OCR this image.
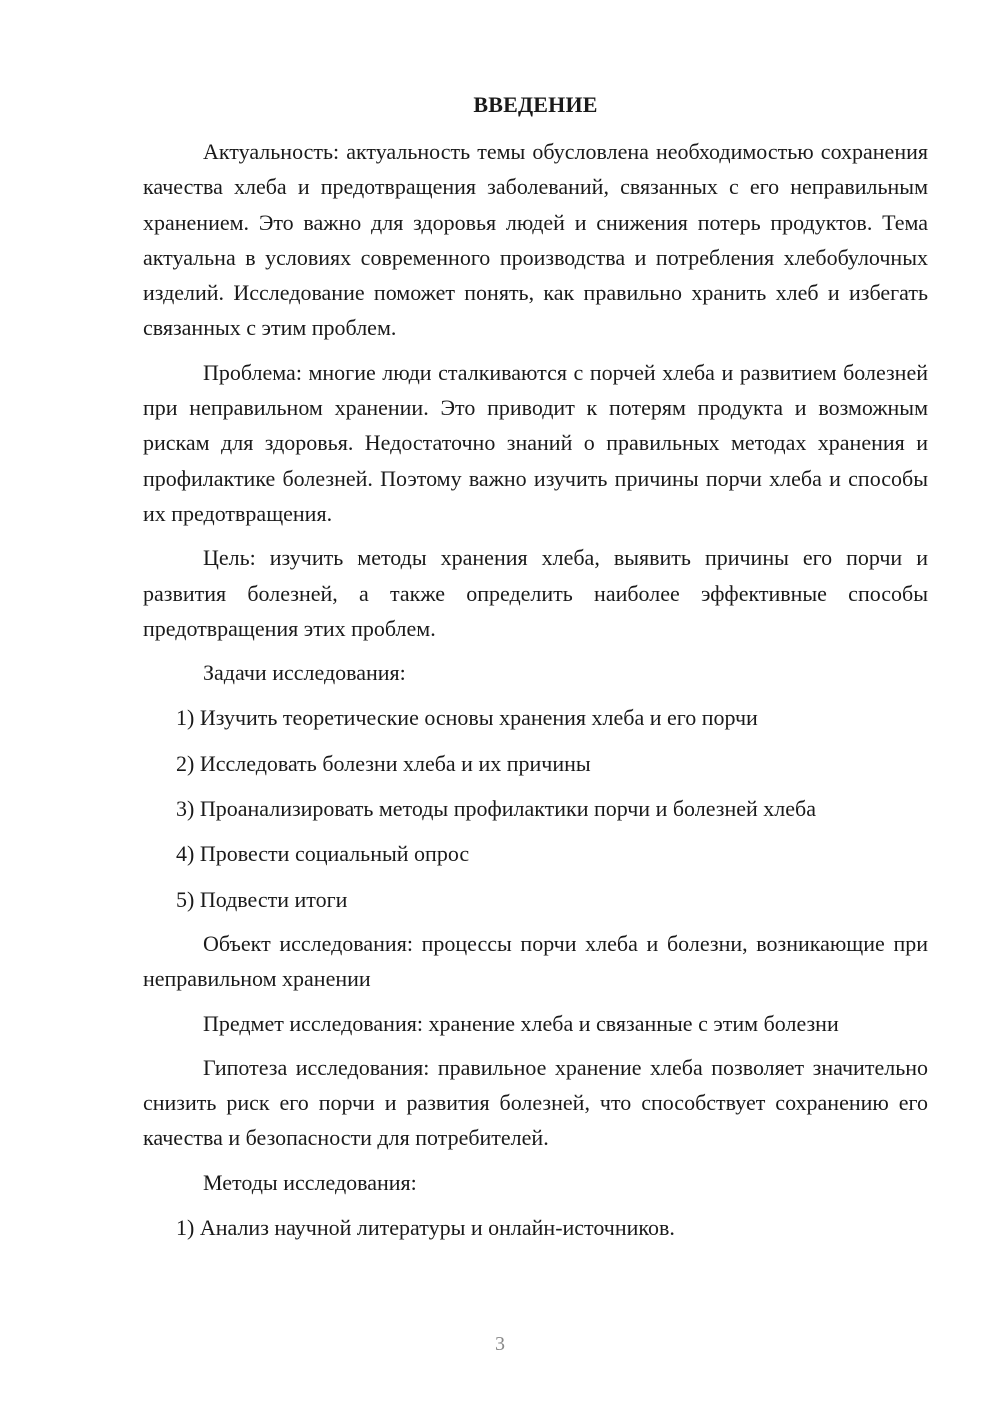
ВВЕДЕНИЕ

Актуальность: актуальность темы обусловлена необходимостью сохранения качества хлеба и предотвращения заболеваний, связанных с его неправильным хранением. Это важно для здоровья людей и снижения потерь продуктов. Тема актуальна в условиях современного производства и потребления хлебобулочных изделий. Исследование поможет понять, как правильно хранить хлеб и избегать связанных с этим проблем.

Проблема: многие люди сталкиваются с порчей хлеба и развитием болезней при неправильном хранении. Это приводит к потерям продукта и возможным рискам для здоровья. Недостаточно знаний о правильных методах хранения и профилактике болезней. Поэтому важно изучить причины порчи хлеба и способы их предотвращения.

Цель: изучить методы хранения хлеба, выявить причины его порчи и развития болезней, а также определить наиболее эффективные способы предотвращения этих проблем.

Задачи исследования:

1) Изучить теоретические основы хранения хлеба и его порчи
2) Исследовать болезни хлеба и их причины
3) Проанализировать методы профилактики порчи и болезней хлеба
4) Провести социальный опрос
5) Подвести итоги

Объект исследования: процессы порчи хлеба и болезни, возникающие при неправильном хранении

Предмет исследования: хранение хлеба и связанные с этим болезни

Гипотеза исследования: правильное хранение хлеба позволяет значительно снизить риск его порчи и развития болезней, что способствует сохранению его качества и безопасности для потребителей.

Методы исследования:

1) Анализ научной литературы и онлайн-источников.
3
